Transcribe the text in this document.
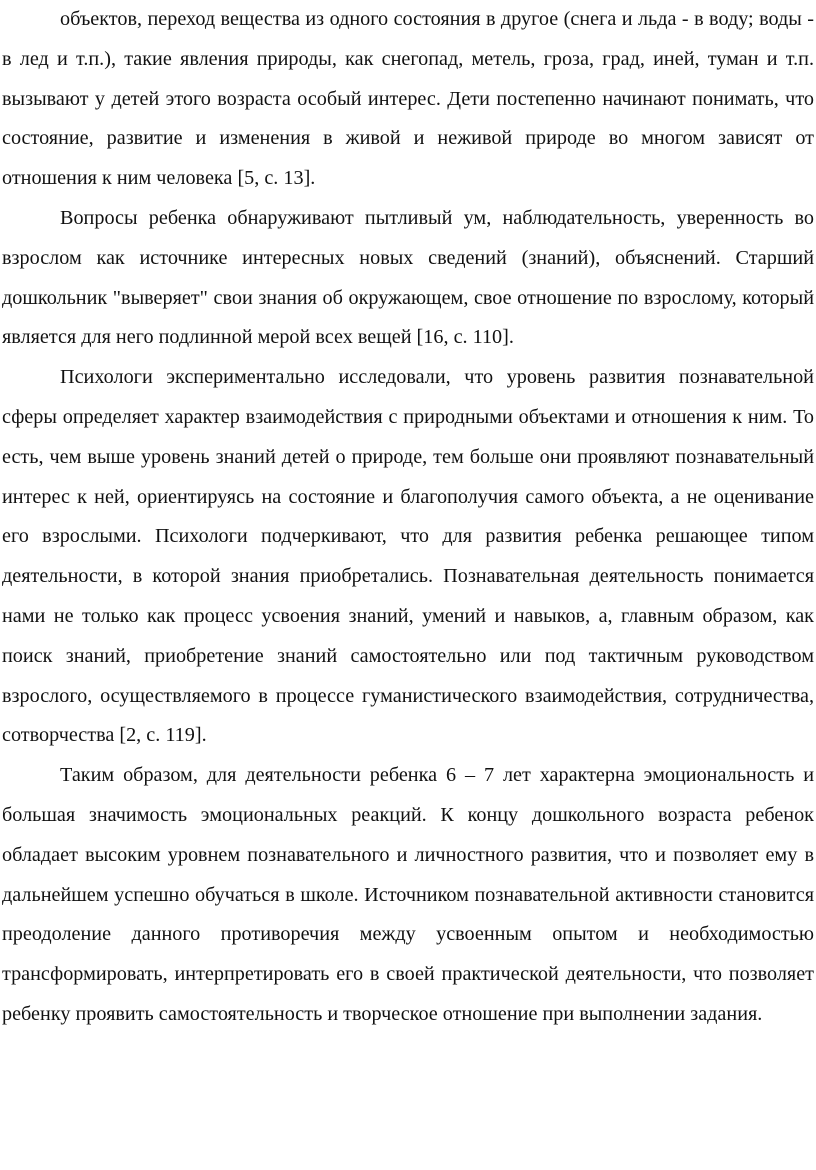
объектов, переход вещества из одного состояния в другое (снега и льда - в воду; воды - в лед и т.п.), такие явления природы, как снегопад, метель, гроза, град, иней, туман и т.п. вызывают у детей этого возраста особый интерес. Дети постепенно начинают понимать, что состояние, развитие и изменения в живой и неживой природе во многом зависят от отношения к ним человека [5, с. 13].

Вопросы ребенка обнаруживают пытливый ум, наблюдательность, уверенность во взрослом как источнике интересных новых сведений (знаний), объяснений. Старший дошкольник "выверяет" свои знания об окружающем, свое отношение по взрослому, который является для него подлинной мерой всех вещей [16, с. 110].

Психологи экспериментально исследовали, что уровень развития познавательной сферы определяет характер взаимодействия с природными объектами и отношения к ним. То есть, чем выше уровень знаний детей о природе, тем больше они проявляют познавательный интерес к ней, ориентируясь на состояние и благополучия самого объекта, а не оценивание его взрослыми. Психологи подчеркивают, что для развития ребенка решающее типом деятельности, в которой знания приобретались. Познавательная деятельность понимается нами не только как процесс усвоения знаний, умений и навыков, а, главным образом, как поиск знаний, приобретение знаний самостоятельно или под тактичным руководством взрослого, осуществляемого в процессе гуманистического взаимодействия, сотрудничества, сотворчества [2, с. 119].

Таким образом, для деятельности ребенка 6 – 7 лет характерна эмоциональность и большая значимость эмоциональных реакций. К концу дошкольного возраста ребенок обладает высоким уровнем познавательного и личностного развития, что и позволяет ему в дальнейшем успешно обучаться в школе. Источником познавательной активности становится преодоление данного противоречия между усвоенным опытом и необходимостью трансформировать, интерпретировать его в своей практической деятельности, что позволяет ребенку проявить самостоятельность и творческое отношение при выполнении задания.
